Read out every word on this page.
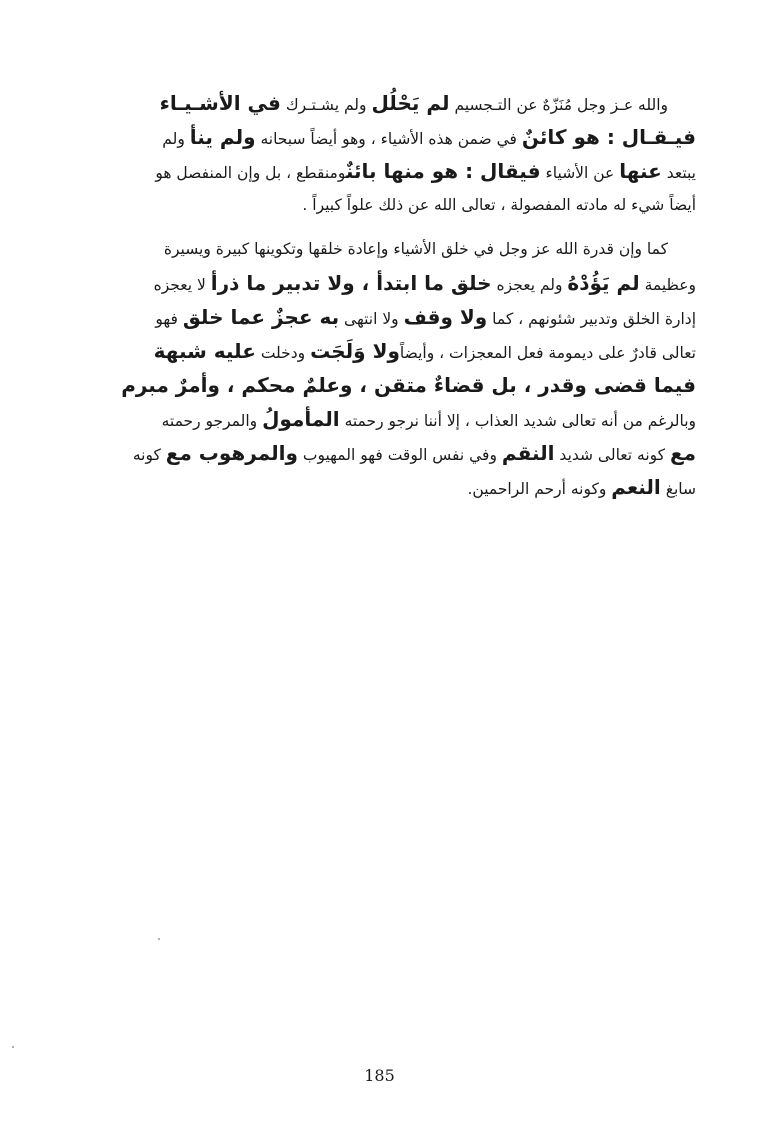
والله عـز وجل مُنَزّهٌ عن التـجسيم لم يَحْلُل ولم يشـتـرك في الأشـيـاء
فيـقـال : هو كائنٌ في ضمن هذه الأشياء ، وهو أيضاً سبحانه ولم ينأ ولم
يبتعد عنها عن الأشياء فيقال : هو منها بائنٌومنقطع ، بل وإن المنفصل هو
أيضاً شيء له مادته المفصولة ، تعالى الله عن ذلك علواً كبيراً .
كما وإن قدرة الله عز وجل في خلق الأشياء وإعادة خلقها وتكوينها كبيرة ويسيرة
وعظيمة لم يَؤُدْهُ ولم يعجزه خلق ما ابتدأ ، ولا تدبير ما ذرأ لا يعجزه
إدارة الخلق وتدبير شئونهم ، كما ولا وقف ولا انتهى به عجزٌ عما خلق فهو
تعالى قادرٌ على ديمومة فعل المعجزات ، وأيضاًولا وَلَجَت ودخلت عليه شبهة
فيما قضى وقدر ، بل قضاءٌ متقن ، وعلمٌ محكم ، وأمرٌ مبرم
وبالرغم من أنه تعالى شديد العذاب ، إلا أننا نرجو رحمته المأمولُ والمرجو رحمته
مع كونه تعالى شديد النقم وفي نفس الوقت فهو المهيوب والمرهوب مع كونه
سابغ النعم وكونه أرحم الراحمين.
185
